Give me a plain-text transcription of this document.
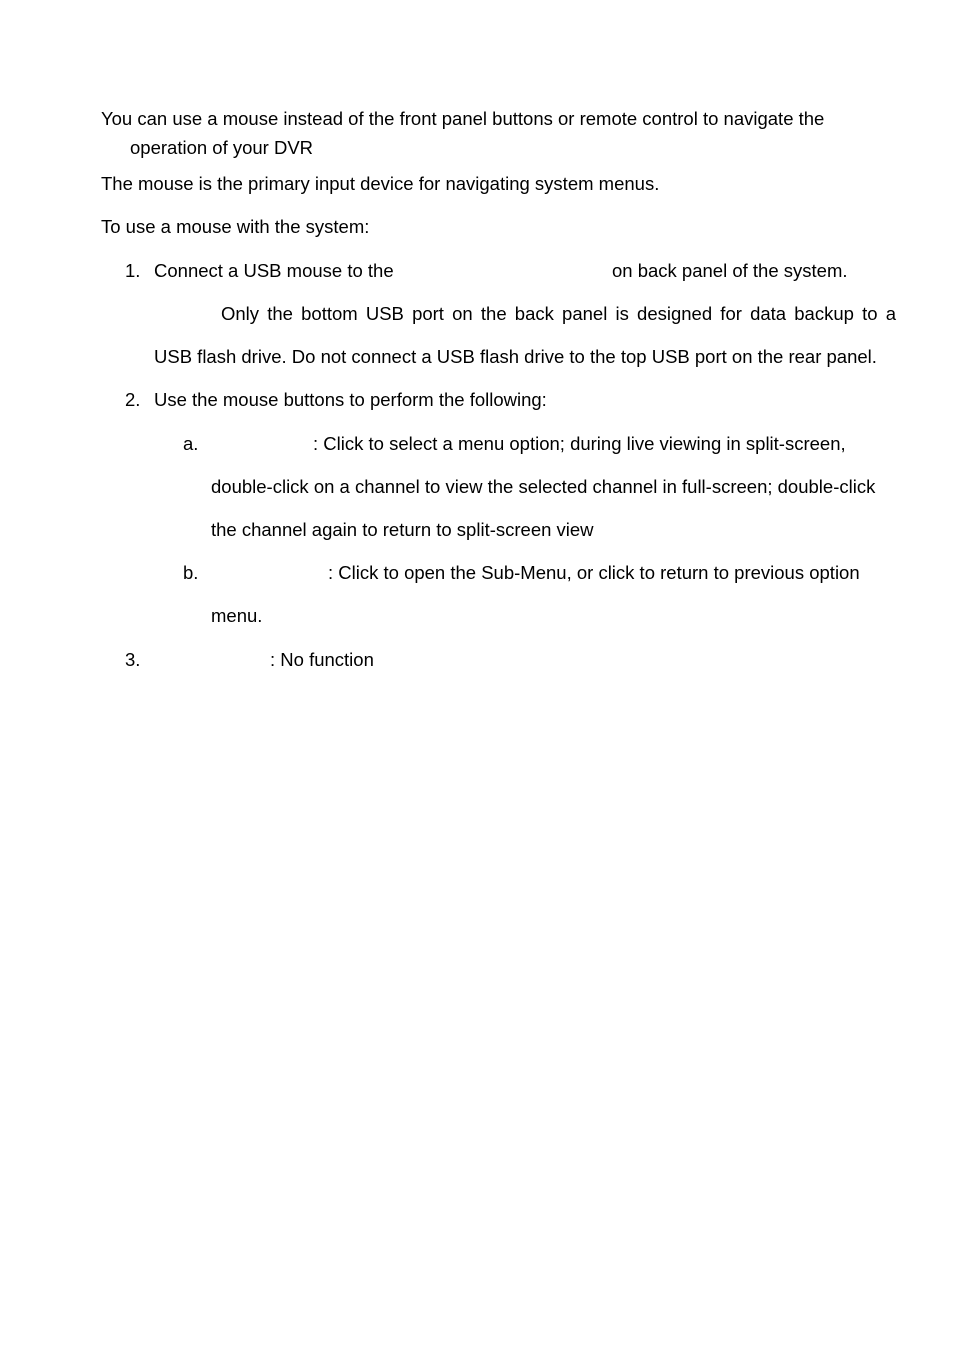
You can use a mouse instead of the front panel buttons or remote control to navigate the
operation of your DVR
The mouse is the primary input device for navigating system menus.
To use a mouse with the system:
1. Connect a USB mouse to the	on back panel of the system.
Only the bottom USB port on the back panel is designed for data backup to a
USB flash drive. Do not connect a USB flash drive to the top USB port on the rear panel.
2. Use the mouse buttons to perform the following:
a.	: Click to select a menu option; during live viewing in split-screen,
double-click on a channel to view the selected channel in full-screen; double-click
the channel again to return to split-screen view
b.	: Click to open the Sub-Menu, or click to return to previous option
menu.
3.	: No function
